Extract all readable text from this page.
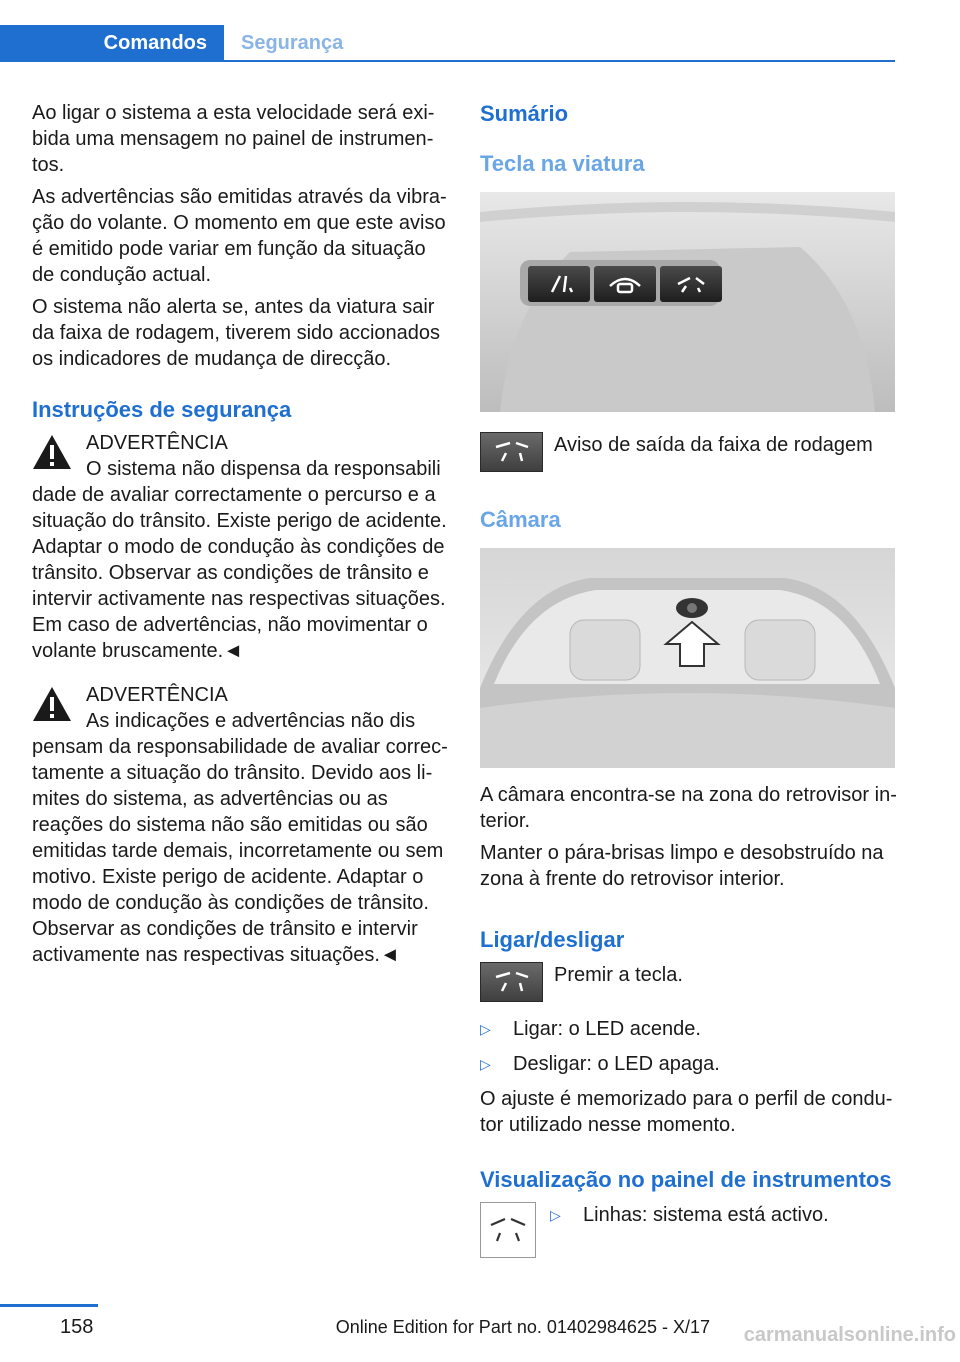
Comandos	Segurança

Ao ligar o sistema a esta velocidade será exibida uma mensagem no painel de instrumentos.

As advertências são emitidas através da vibração do volante. O momento em que este aviso é emitido pode variar em função da situação de condução actual.

O sistema não alerta se, antes da viatura sair da faixa de rodagem, tiverem sido accionados os indicadores de mudança de direcção.

Instruções de segurança
ADVERTÊNCIA
O sistema não dispensa da responsabili
dade de avaliar correctamente o percurso e a situação do trânsito. Existe perigo de acidente. Adaptar o modo de condução às condições de trânsito. Observar as condições de trânsito e intervir activamente nas respectivas situações. Em caso de advertências, não movimentar o volante bruscamente.◄
ADVERTÊNCIA
As indicações e advertências não dis
pensam da responsabilidade de avaliar correctamente a situação do trânsito. Devido aos limites do sistema, as advertências ou as reações do sistema não são emitidas ou são emitidas tarde demais, incorretamente ou sem motivo. Existe perigo de acidente. Adaptar o modo de condução às condições de trânsito. Observar as condições de trânsito e intervir activamente nas respectivas situações.◄
Sumário
Tecla na viatura
Aviso de saída da faixa de rodagem
Câmara

A câmara encontra-se na zona do retrovisor interior.

Manter o pára-brisas limpo e desobstruído na zona à frente do retrovisor interior.

Ligar/desligar
Premir a tecla.
▷ Ligar: o LED acende.
▷ Desligar: o LED apaga.

O ajuste é memorizado para o perfil de condutor utilizado nesse momento.

Visualização no painel de instrumentos
▷ Linhas: sistema está activo.
158	Online Edition for Part no. 01402984625 - X/17 carmanualsonline.info
